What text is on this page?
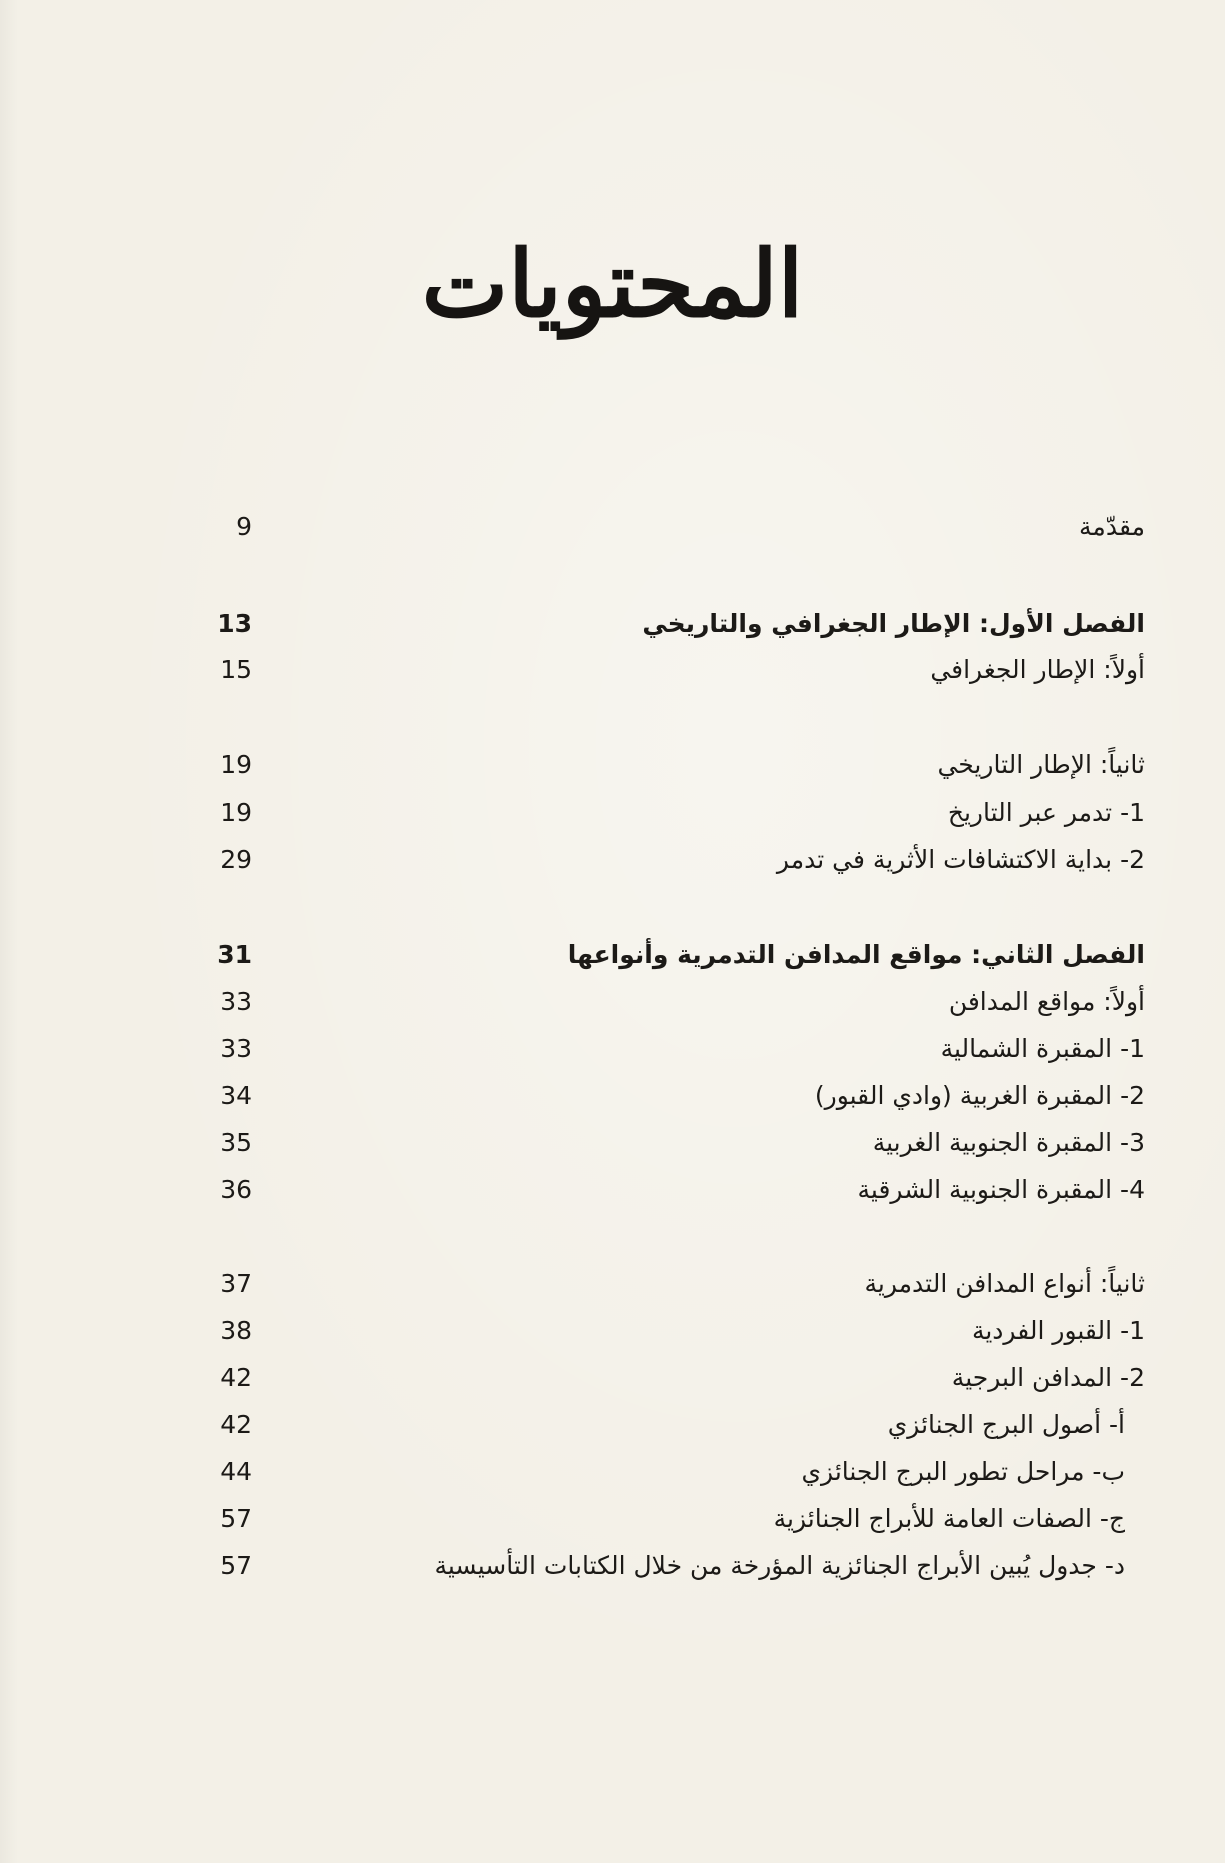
المحتويات
9	مقدّمة
13	الفصل الأول: الإطار الجغرافي والتاريخي
15	أولاً: الإطار الجغرافي
19	ثانياً: الإطار التاريخي
19	1- تدمر عبر التاريخ
29	2- بداية الاكتشافات الأثرية في تدمر
31	الفصل الثاني: مواقع المدافن التدمرية وأنواعها
33	أولاً: مواقع المدافن
33	1- المقبرة الشمالية
34	2- المقبرة الغربية (وادي القبور)
35	3- المقبرة الجنوبية الغربية
36	4- المقبرة الجنوبية الشرقية
37	ثانياً: أنواع المدافن التدمرية
38	1- القبور الفردية
42	2- المدافن البرجية
42	أ- أصول البرج الجنائزي
44	ب- مراحل تطور البرج الجنائزي
57	ج- الصفات العامة للأبراج الجنائزية
57	د- جدول يُبين الأبراج الجنائزية المؤرخة من خلال الكتابات التأسيسية
